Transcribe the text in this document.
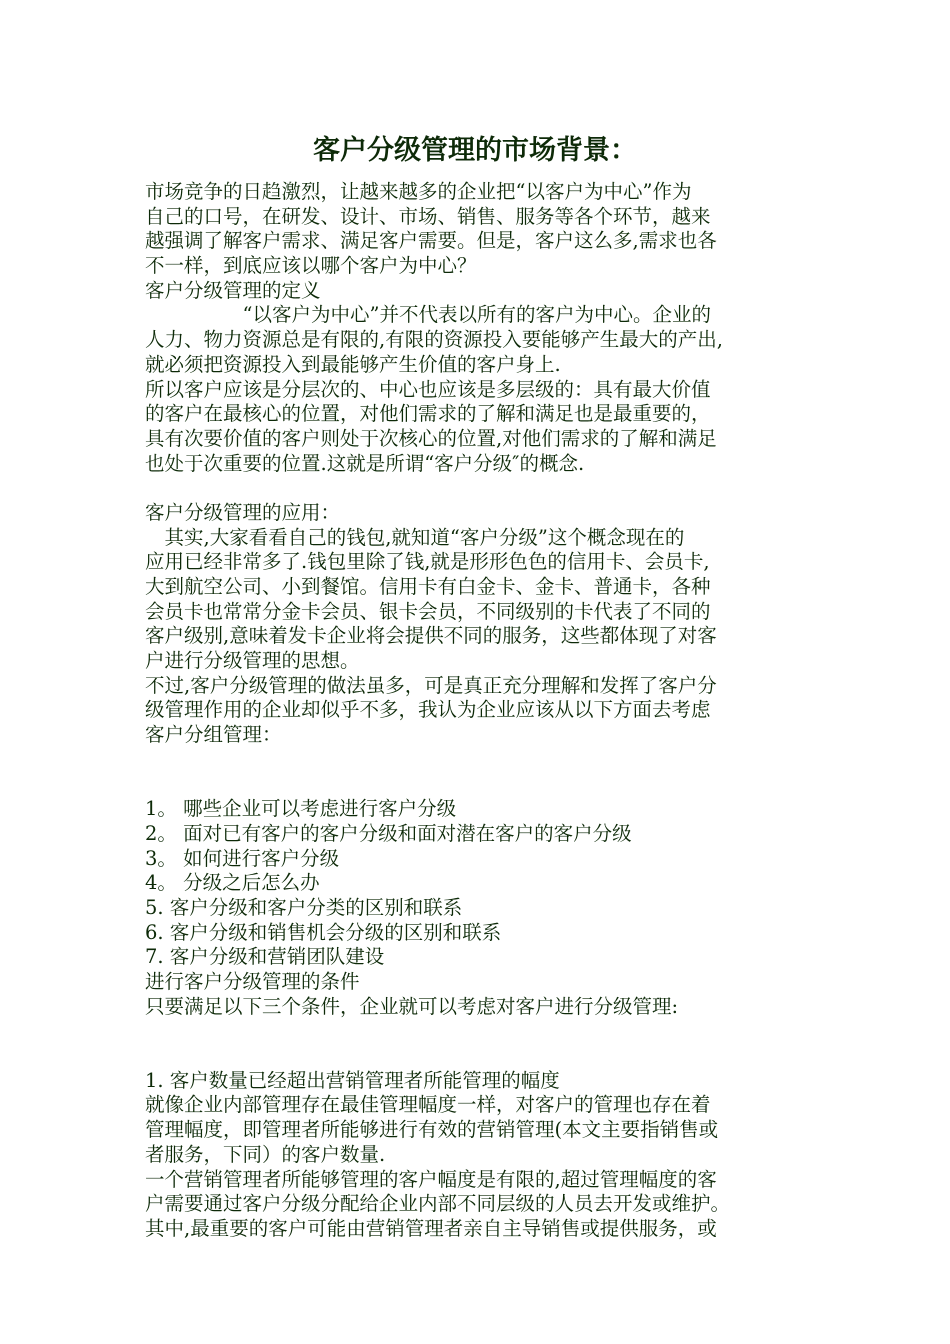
客户分级管理的市场背景：
市场竞争的日趋激烈，让越来越多的企业把“以客户为中心”作为
自己的口号，在研发、设计、市场、销售、服务等各个环节，越来
越强调了解客户需求、满足客户需要。但是，客户这么多,需求也各
不一样，到底应该以哪个客户为中心？
客户分级管理的定义
　　　　　“以客户为中心”并不代表以所有的客户为中心。企业的
人力、物力资源总是有限的,有限的资源投入要能够产生最大的产出,
就必须把资源投入到最能够产生价值的客户身上.
所以客户应该是分层次的、中心也应该是多层级的：具有最大价值
的客户在最核心的位置，对他们需求的了解和满足也是最重要的，
具有次要价值的客户则处于次核心的位置,对他们需求的了解和满足
也处于次重要的位置.这就是所谓“客户分级″的概念.
客户分级管理的应用：
　其实,大家看看自己的钱包,就知道“客户分级”这个概念现在的
应用已经非常多了.钱包里除了钱,就是形形色色的信用卡、会员卡,
大到航空公司、小到餐馆。信用卡有白金卡、金卡、普通卡，各种
会员卡也常常分金卡会员、银卡会员，不同级别的卡代表了不同的
客户级别,意味着发卡企业将会提供不同的服务，这些都体现了对客
户进行分级管理的思想。
不过,客户分级管理的做法虽多，可是真正充分理解和发挥了客户分
级管理作用的企业却似乎不多，我认为企业应该从以下方面去考虑
客户分组管理：
1。 哪些企业可以考虑进行客户分级
2。 面对已有客户的客户分级和面对潜在客户的客户分级
3。 如何进行客户分级
4。 分级之后怎么办
5. 客户分级和客户分类的区别和联系
6. 客户分级和销售机会分级的区别和联系
7. 客户分级和营销团队建设
进行客户分级管理的条件
只要满足以下三个条件，企业就可以考虑对客户进行分级管理:
1. 客户数量已经超出营销管理者所能管理的幅度
就像企业内部管理存在最佳管理幅度一样，对客户的管理也存在着
管理幅度，即管理者所能够进行有效的营销管理(本文主要指销售或
者服务，下同）的客户数量.
一个营销管理者所能够管理的客户幅度是有限的,超过管理幅度的客
户需要通过客户分级分配给企业内部不同层级的人员去开发或维护。
其中,最重要的客户可能由营销管理者亲自主导销售或提供服务，或
